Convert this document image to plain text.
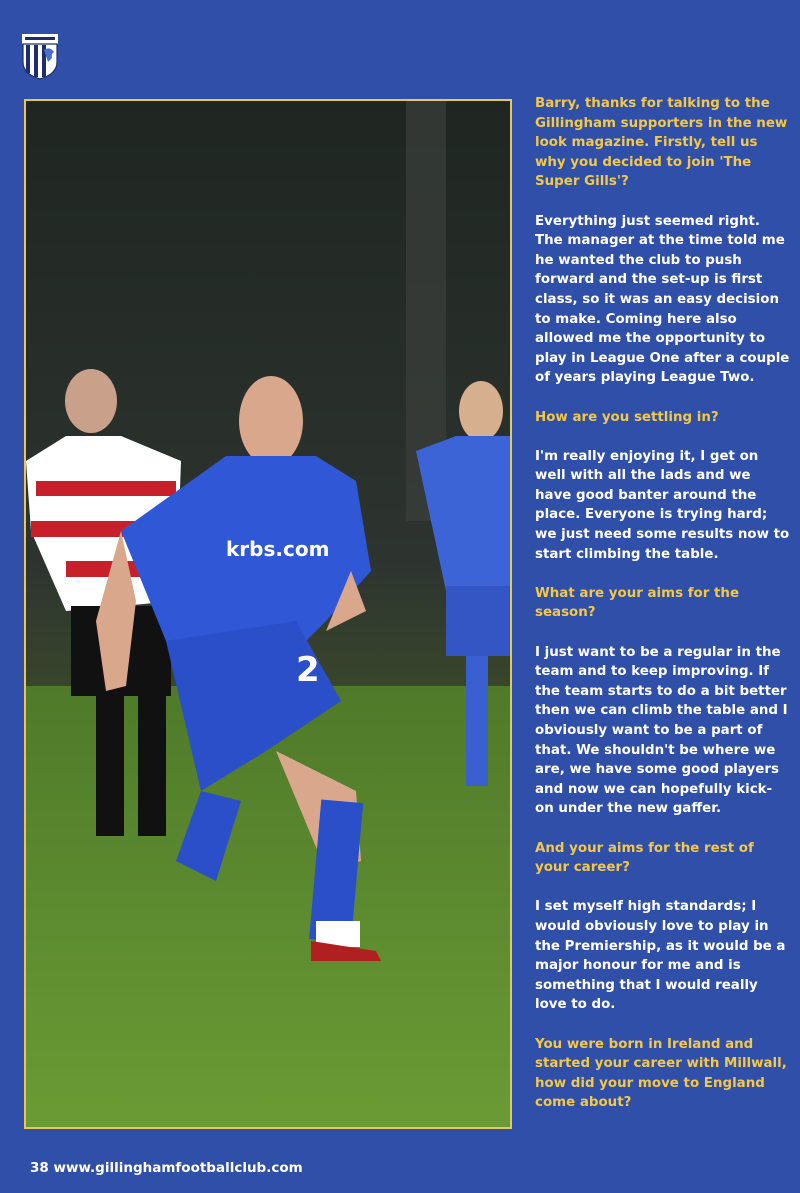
krbs.com
2

Barry, thanks for talking to the Gillingham supporters in the new look magazine. Firstly, tell us why you decided to join 'The Super Gills'?

Everything just seemed right. The manager at the time told me he wanted the club to push forward and the set-up is first class, so it was an easy decision to make. Coming here also allowed me the opportunity to play in League One after a couple of years playing League Two.

How are you settling in?

I'm really enjoying it, I get on well with all the lads and we have good banter around the place. Everyone is trying hard; we just need some results now to start climbing the table.

What are your aims for the season?

I just want to be a regular in the team and to keep improving. If the team starts to do a bit better then we can climb the table and I obviously want to be a part of that. We shouldn't be where we are, we have some good players and now we can hopefully kick-on under the new gaffer.

And your aims for the rest of your career?

I set myself high standards; I would obviously love to play in the Premiership, as it would be a major honour for me and is something that I would really love to do.

You were born in Ireland and started your career with Millwall, how did your move to England come about?

38 www.gillinghamfootballclub.com
